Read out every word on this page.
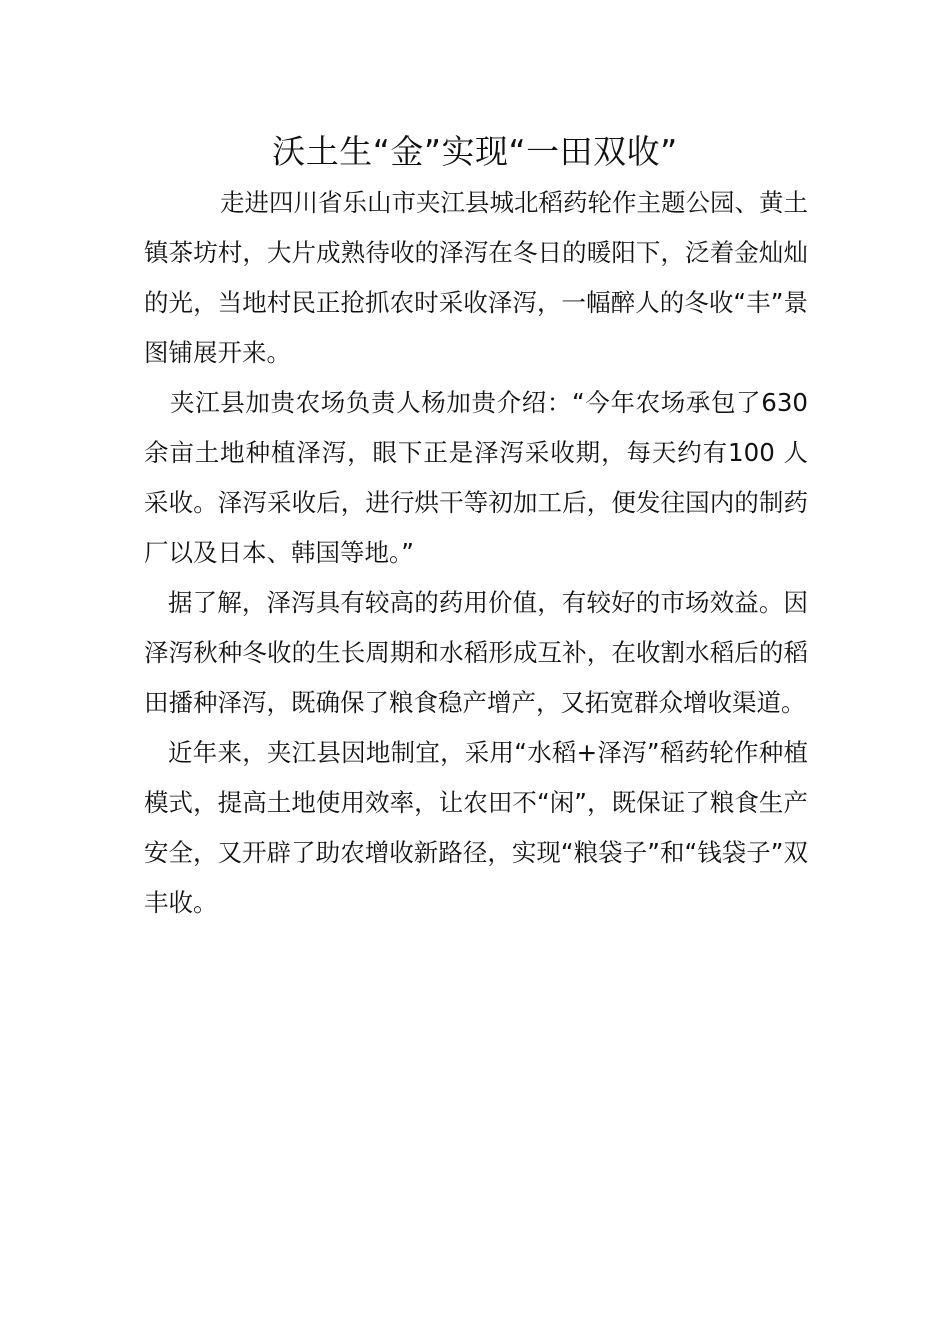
沃土生“金”实现“一田双收”

走进四川省乐山市夹江县城北稻药轮作主题公园、黄土镇茶坊村，大片成熟待收的泽泻在冬日的暖阳下，泛着金灿灿的光，当地村民正抢抓农时采收泽泻，一幅醉人的冬收“丰”景图铺展开来。

夹江县加贵农场负责人杨加贵介绍：“今年农场承包了630 余亩土地种植泽泻，眼下正是泽泻采收期，每天约有100 人采收。泽泻采收后，进行烘干等初加工后，便发往国内的制药厂以及日本、韩国等地。”

据了解，泽泻具有较高的药用价值，有较好的市场效益。因泽泻秋种冬收的生长周期和水稻形成互补，在收割水稻后的稻田播种泽泻，既确保了粮食稳产增产，又拓宽群众增收渠道。

近年来，夹江县因地制宜，采用“水稻+泽泻”稻药轮作种植模式，提高土地使用效率，让农田不“闲”，既保证了粮食生产安全，又开辟了助农增收新路径，实现“粮袋子”和“钱袋子”双丰收。
